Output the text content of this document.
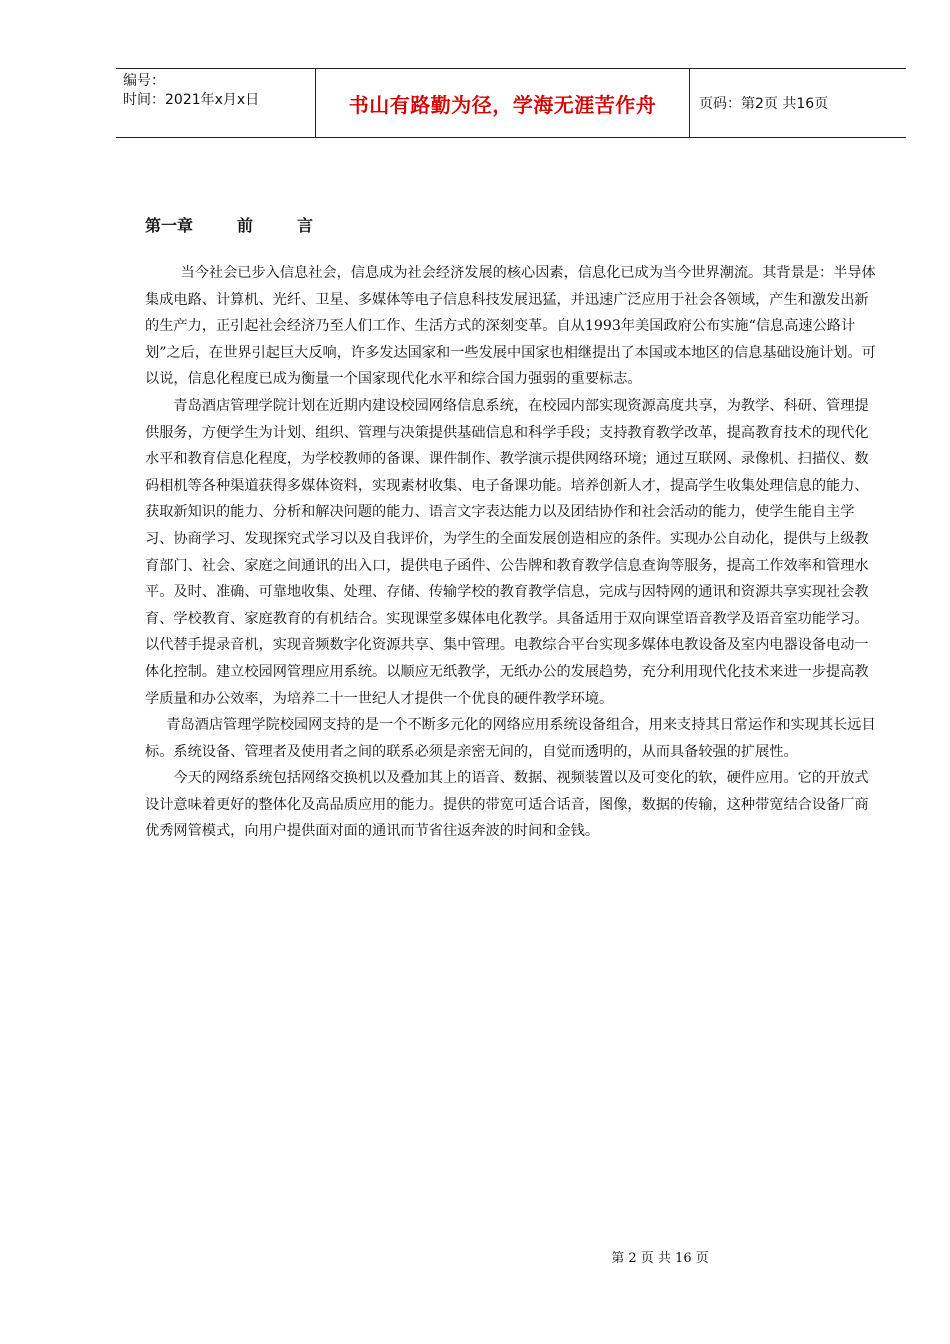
编号：
时间：2021年x月x日	书山有路勤为径，学海无涯苦作舟	页码：第2页 共16页
第一章	前	言

当今社会已步入信息社会，信息成为社会经济发展的核心因素，信息化已成为当今世界潮流。其背景是：半导体集成电路、计算机、光纤、卫星、多媒体等电子信息科技发展迅猛，并迅速广泛应用于社会各领域，产生和激发出新的生产力，正引起社会经济乃至人们工作、生活方式的深刻变革。自从1993年美国政府公布实施“信息高速公路计划”之后，在世界引起巨大反响，许多发达国家和一些发展中国家也相继提出了本国或本地区的信息基础设施计划。可以说，信息化程度已成为衡量一个国家现代化水平和综合国力强弱的重要标志。

青岛酒店管理学院计划在近期内建设校园网络信息系统，在校园内部实现资源高度共享，为教学、科研、管理提供服务，方便学生为计划、组织、管理与决策提供基础信息和科学手段；支持教育教学改革，提高教育技术的现代化水平和教育信息化程度，为学校教师的备课、课件制作、教学演示提供网络环境；通过互联网、录像机、扫描仪、数码相机等各种渠道获得多媒体资料，实现素材收集、电子备课功能。培养创新人才，提高学生收集处理信息的能力、获取新知识的能力、分析和解决问题的能力、语言文字表达能力以及团结协作和社会活动的能力，使学生能自主学习、协商学习、发现探究式学习以及自我评价，为学生的全面发展创造相应的条件。实现办公自动化，提供与上级教育部门、社会、家庭之间通讯的出入口，提供电子函件、公告牌和教育教学信息查询等服务，提高工作效率和管理水平。及时、准确、可靠地收集、处理、存储、传输学校的教育教学信息，完成与因特网的通讯和资源共享实现社会教育、学校教育、家庭教育的有机结合。实现课堂多媒体电化教学。具备适用于双向课堂语音教学及语音室功能学习。以代替手提录音机，实现音频数字化资源共享、集中管理。电教综合平台实现多媒体电教设备及室内电器设备电动一体化控制。建立校园网管理应用系统。以顺应无纸教学，无纸办公的发展趋势，充分利用现代化技术来进一步提高教学质量和办公效率，为培养二十一世纪人才提供一个优良的硬件教学环境。

青岛酒店管理学院校园网支持的是一个不断多元化的网络应用系统设备组合，用来支持其日常运作和实现其长远目标。系统设备、管理者及使用者之间的联系必须是亲密无间的，自觉而透明的，从而具备较强的扩展性。

今天的网络系统包括网络交换机以及叠加其上的语音、数据、视频装置以及可变化的软，硬件应用。它的开放式设计意味着更好的整体化及高品质应用的能力。提供的带宽可适合话音，图像，数据的传输，这种带宽结合设备厂商优秀网管模式，向用户提供面对面的通讯而节省往返奔波的时间和金钱。

第 2 页 共 16 页
